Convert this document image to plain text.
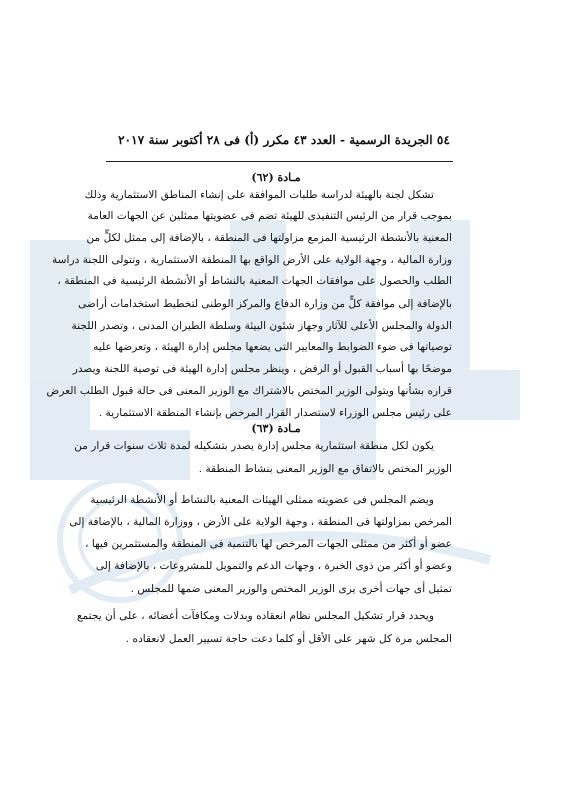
٥٤ الجريدة الرسمية - العدد ٤٣ مكرر (أ) فى ٢٨ أكتوبر سنة ٢٠١٧
مـادة (٦٢)
تشكل لجنة بالهيئة لدراسة طلبات الموافقة على إنشاء المناطق الاستثمارية وذلك
بموجب قرار من الرئيس التنفيذى للهيئة تضم فى عضويتها ممثلين عن الجهات العامة
المعنية بالأنشطة الرئيسية المزمع مزاولتها فى المنطقة ، بالإضافة إلى ممثل لكلٍّ من
وزارة المالية ، وجهة الولاية على الأرض الواقع بها المنطقة الاستثمارية ، وتتولى اللجنة دراسة
الطلب والحصول على موافقات الجهات المعنية بالنشاط أو الأنشطة الرئيسية فى المنطقة ،
بالإضافة إلى موافقة كلٍّ من وزارة الدفاع والمركز الوطنى لتخطيط استخدامات أراضى
الدولة والمجلس الأعلى للآثار وجهاز شئون البيئة وسلطة الطيران المدنى ، وتصدر اللجنة
توصياتها فى ضوء الضوابط والمعايير التى يضعها مجلس إدارة الهيئة ، وتعرضها عليه
موضحًا بها أسباب القبول أو الرفض ، وينظر مجلس إدارة الهيئة فى توصية اللجنة ويصدر
قراره بشأنها ويتولى الوزير المختص بالاشتراك مع الوزير المعنى فى حالة قبول الطلب العرض
على رئيس مجلس الوزراء لاستصدار القرار المرخص بإنشاء المنطقة الاستثمارية .
مـادة (٦٣)
يكون لكل منطقة استثمارية مجلس إدارة يصدر بتشكيله لمدة ثلاث سنوات قرار من
الوزير المختص بالاتفاق مع الوزير المعنى بنشاط المنطقة .
ويضم المجلس فى عضويته ممثلى الهيئات المعنية بالنشاط أو الأنشطة الرئيسية
المرخص بمزاولتها فى المنطقة ، وجهة الولاية على الأرض ، ووزارة المالية ، بالإضافة إلى
عضو أو أكثر من ممثلى الجهات المرخص لها بالتنمية فى المنطقة والمستثمرين فيها ،
وعضو أو أكثر من ذوى الخبرة ، وجهات الدعم والتمويل للمشروعات ، بالإضافة إلى
تمثيل أى جهات أخرى يرى الوزير المختص والوزير المعنى ضمها للمجلس .
ويحدد قرار تشكيل المجلس نظام انعقاده وبدلات ومكافآت أعضائه ، على أن يجتمع
المجلس مرة كل شهر على الأقل أو كلما دعت حاجة تسيير العمل لانعقاده .
